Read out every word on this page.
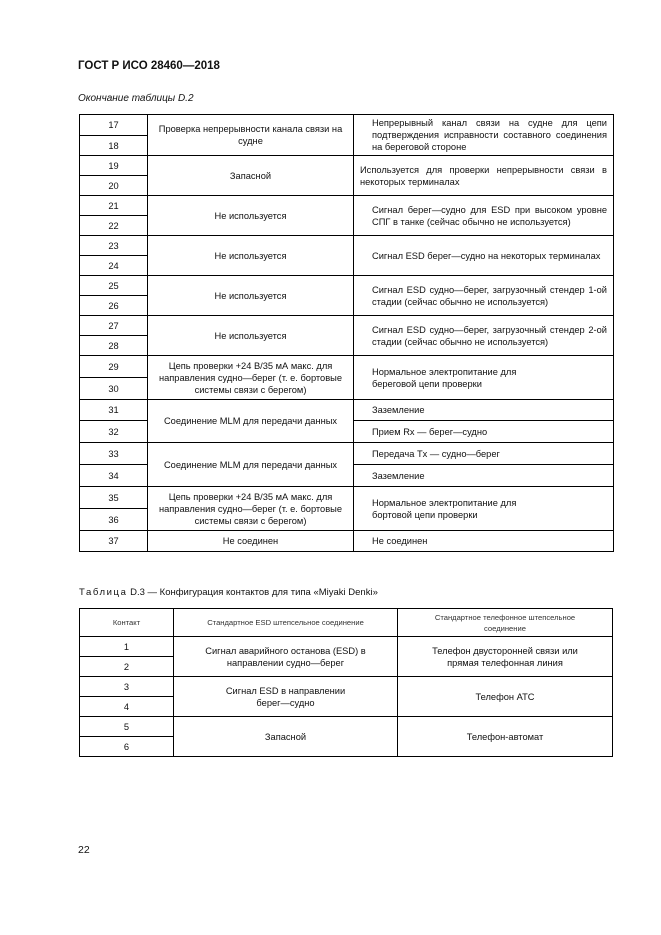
ГОСТ Р ИСО 28460—2018
Окончание таблицы D.2
17	Проверка непрерывности канала связи на судне	Непрерывный канал связи на судне для цепи подтверждения исправности составного соединения на береговой стороне
18		
19	Запасной	Используется для проверки непрерывности связи в некоторых терминалах
20		
21	Не используется	Сигнал берег—судно для ESD при высоком уровне СПГ в танке (сейчас обычно не используется)
22		
23	Не используется	Сигнал ESD берег—судно на некоторых терминалах
24		
25	Не используется	Сигнал ESD судно—берег, загрузочный стендер 1-ой стадии (сейчас обычно не используется)
26		
27	Не используется	Сигнал ESD судно—берег, загрузочный стендер 2-ой стадии (сейчас обычно не используется)
28		
29	Цепь проверки +24 В/35 мА макс. для направления судно—берег (т. е. бортовые системы связи с берегом)	Нормальное электропитание для береговой цепи проверки
30		
31	Соединение MLM для передачи данных	Заземление
32		Прием Rx — берег—судно
33	Соединение MLM для передачи данных	Передача Tx — судно—берег
34		Заземление
35	Цепь проверки +24 В/35 мА макс. для направления судно—берег (т. е. бортовые системы связи с берегом)	Нормальное электропитание для бортовой цепи проверки
36		
37	Не соединен	Не соединен
Таблица D.3 — Конфигурация контактов для типа «Miyaki Denki»
Контакт	Стандартное ESD штепсельное соединение	Стандартное телефонное штепсельное соединение
1	Сигнал аварийного останова (ESD) в направлении судно—берег	Телефон двусторонней связи или прямая телефонная линия
2		
3	Сигнал ESD в направлении берег—судно	Телефон АТС
4		
5	Запасной	Телефон-автомат
6		
22
